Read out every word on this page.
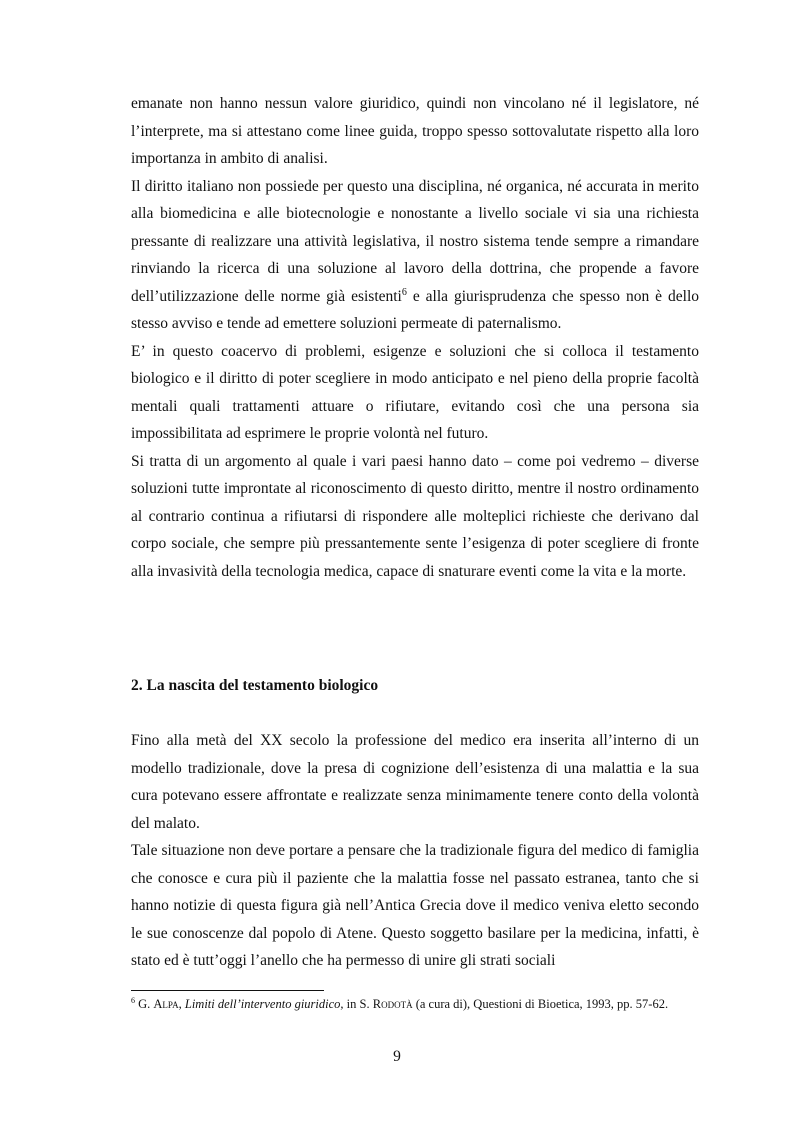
emanate non hanno nessun valore giuridico, quindi non vincolano né il legislatore, né l’interprete, ma si attestano come linee guida, troppo spesso sottovalutate rispetto alla loro importanza in ambito di analisi.

Il diritto italiano non possiede per questo una disciplina, né organica, né accurata in merito alla biomedicina e alle biotecnologie e nonostante a livello sociale vi sia una richiesta pressante di realizzare una attività legislativa, il nostro sistema tende sempre a rimandare rinviando la ricerca di una soluzione al lavoro della dottrina, che propende a favore dell’utilizzazione delle norme già esistenti$^6$ e alla giurisprudenza che spesso non è dello stesso avviso e tende ad emettere soluzioni permeate di paternalismo.

E’ in questo coacervo di problemi, esigenze e soluzioni che si colloca il testamento biologico e il diritto di poter scegliere in modo anticipato e nel pieno della proprie facoltà mentali quali trattamenti attuare o rifiutare, evitando così che una persona sia impossibilitata ad esprimere le proprie volontà nel futuro.

Si tratta di un argomento al quale i vari paesi hanno dato – come poi vedremo – diverse soluzioni tutte improntate al riconoscimento di questo diritto, mentre il nostro ordinamento al contrario continua a rifiutarsi di rispondere alle molteplici richieste che derivano dal corpo sociale, che sempre più pressantemente sente l’esigenza di poter scegliere di fronte alla invasività della tecnologia medica, capace di snaturare eventi come la vita e la morte.

2. La nascita del testamento biologico

Fino alla metà del XX secolo la professione del medico era inserita all’interno di un modello tradizionale, dove la presa di cognizione dell’esistenza di una malattia e la sua cura potevano essere affrontate e realizzate senza minimamente tenere conto della volontà del malato.

Tale situazione non deve portare a pensare che la tradizionale figura del medico di famiglia che conosce e cura più il paziente che la malattia fosse nel passato estranea, tanto che si hanno notizie di questa figura già nell’Antica Grecia dove il medico veniva eletto secondo le sue conoscenze dal popolo di Atene. Questo soggetto basilare per la medicina, infatti, è stato ed è tutt’oggi l’anello che ha permesso di unire gli strati sociali

$^6$ G. Alpa, Limiti dell’intervento giuridico, in S. Rodotà (a cura di), Questioni di Bioetica, 1993, pp. 57-62.
9
